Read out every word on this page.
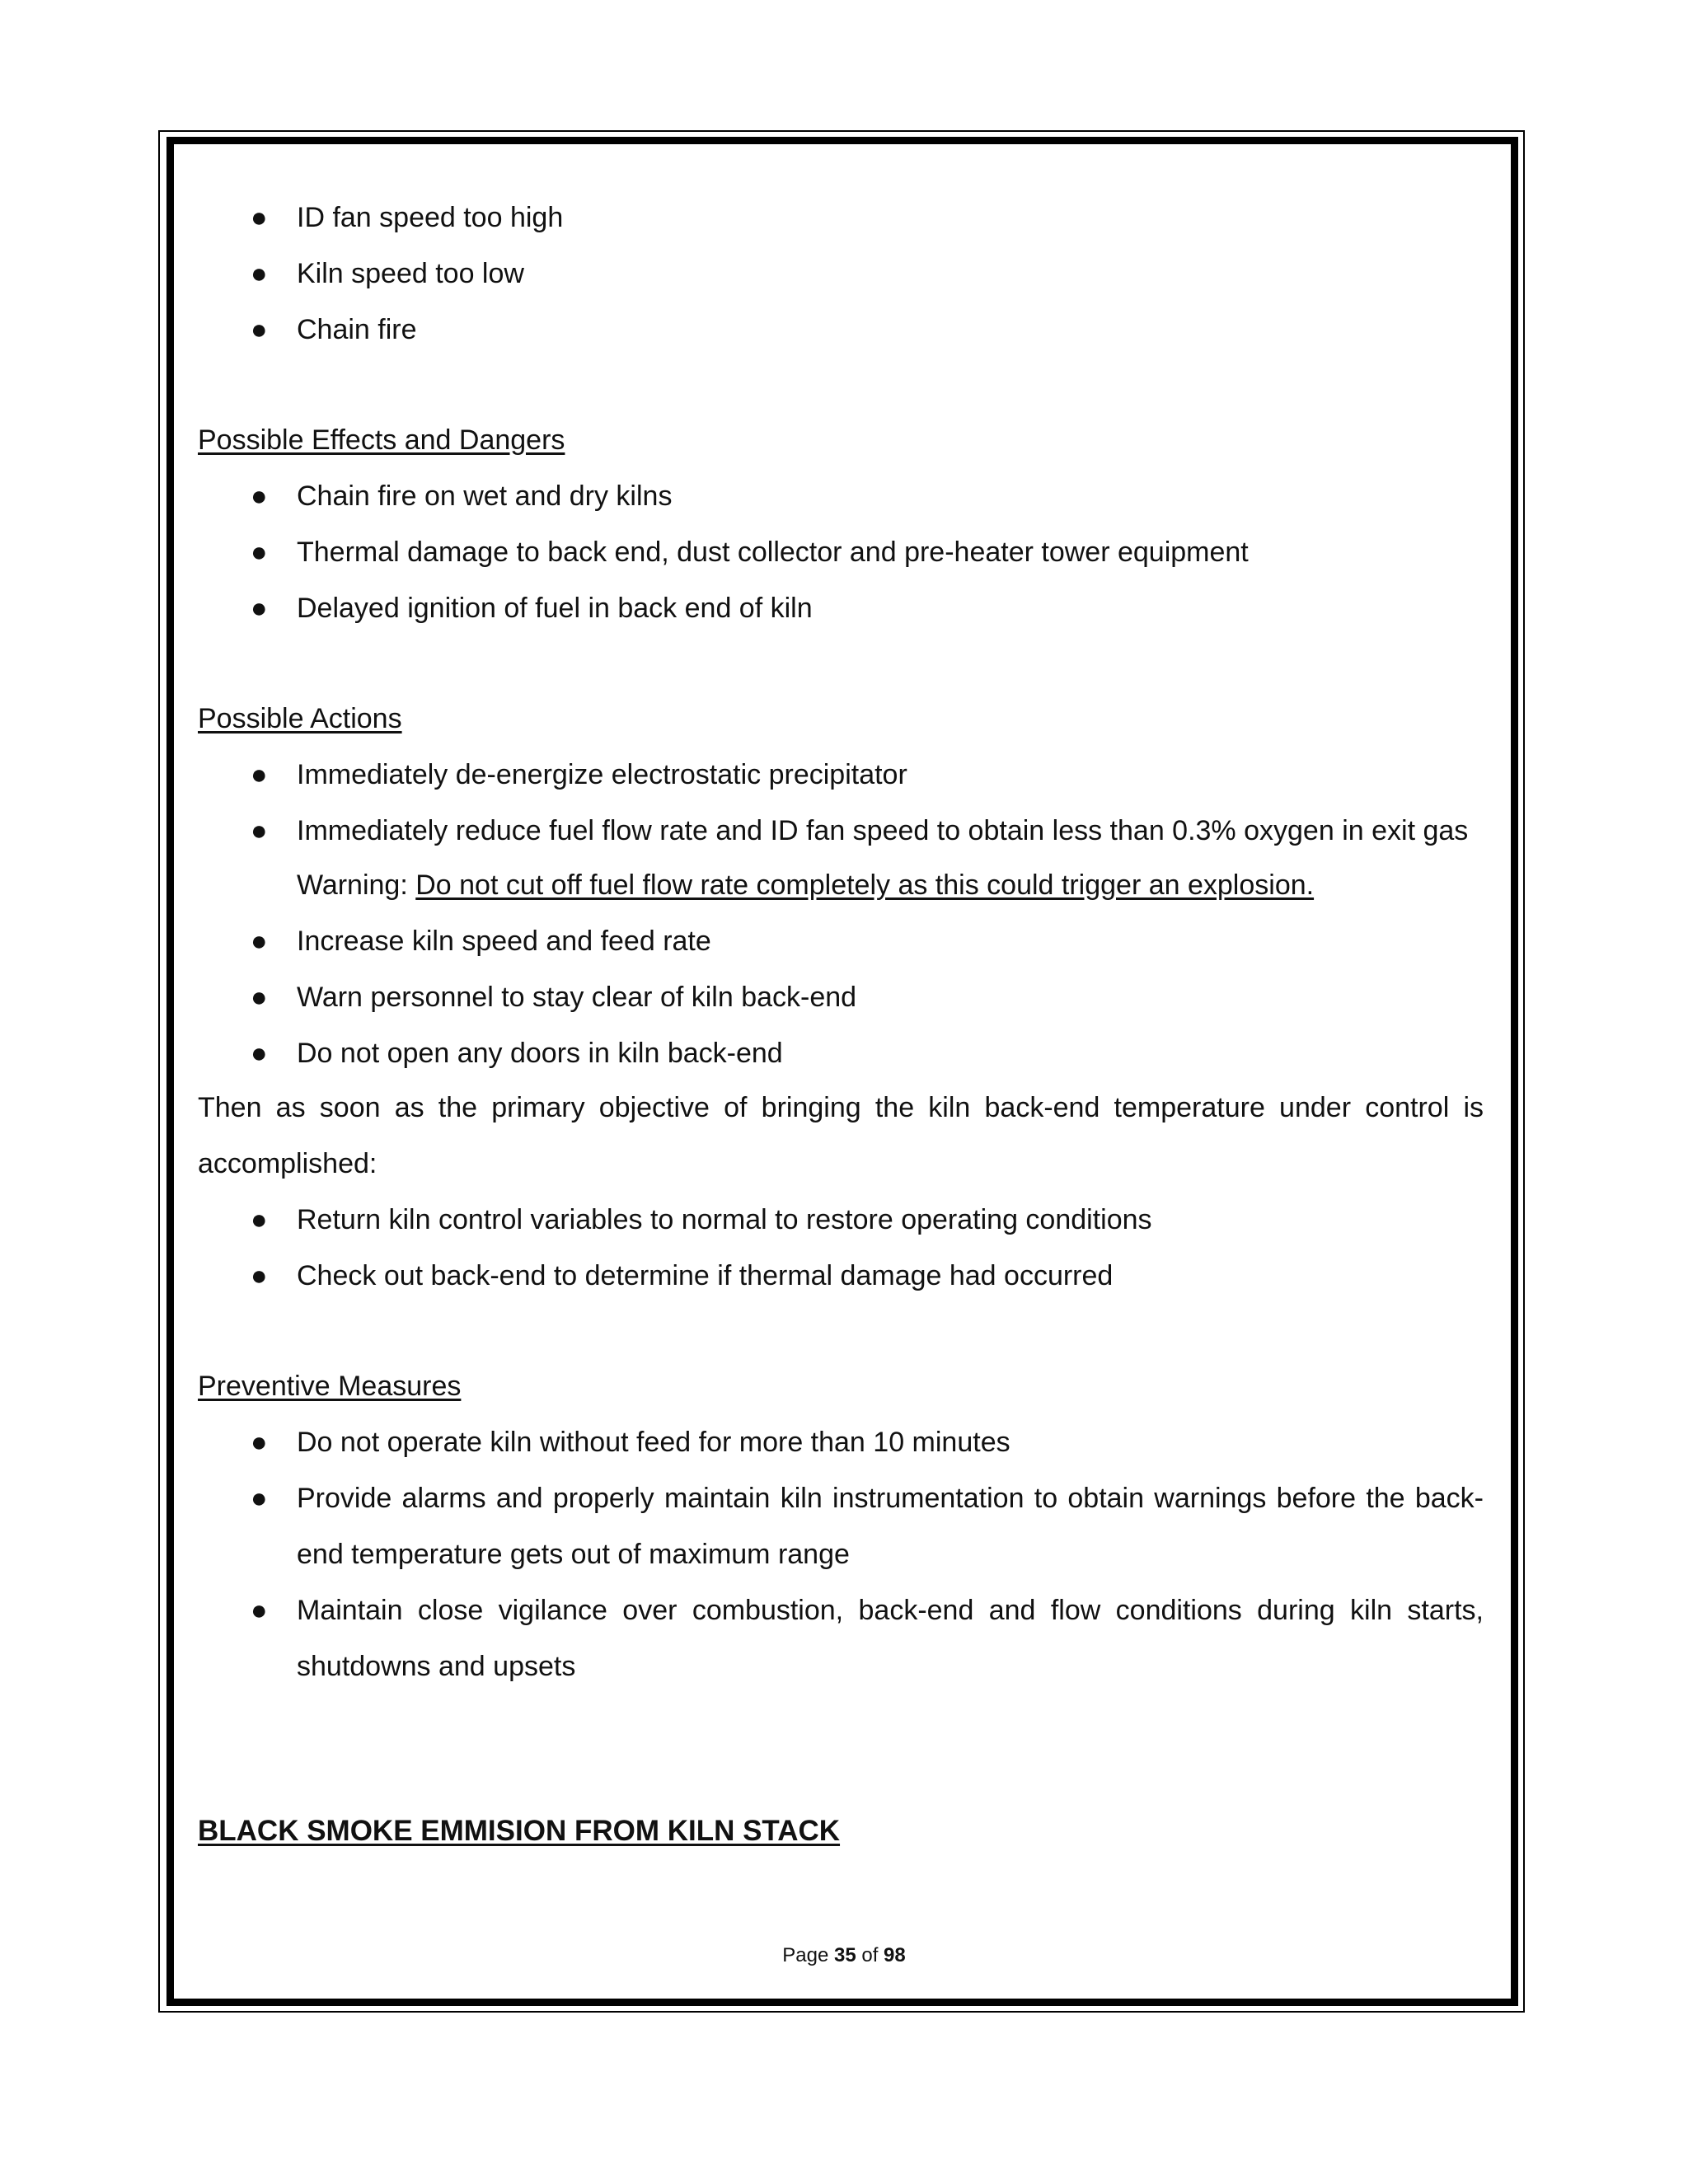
● ID fan speed too high
● Kiln speed too low
● Chain fire
Possible Effects and Dangers
● Chain fire on wet and dry kilns
● Thermal damage to back end, dust collector and pre-heater tower equipment
● Delayed ignition of fuel in back end of kiln
Possible Actions
● Immediately de-energize electrostatic precipitator
● Immediately reduce fuel flow rate and ID fan speed to obtain less than 0.3% oxygen in exit gas
Warning: Do not cut off fuel flow rate completely as this could trigger an explosion.
● Increase kiln speed and feed rate
● Warn personnel to stay clear of kiln back-end
● Do not open any doors in kiln back-end
Then as soon as the primary objective of bringing the kiln back-end temperature under control is
accomplished:
● Return kiln control variables to normal to restore operating conditions
● Check out back-end to determine if thermal damage had occurred
Preventive Measures
● Do not operate kiln without feed for more than 10 minutes
● Provide alarms and properly maintain kiln instrumentation to obtain warnings before the back-
end temperature gets out of maximum range
● Maintain close vigilance over combustion, back-end and flow conditions during kiln starts,
shutdowns and upsets
BLACK SMOKE EMMISION FROM KILN STACK
Page 35 of 98
